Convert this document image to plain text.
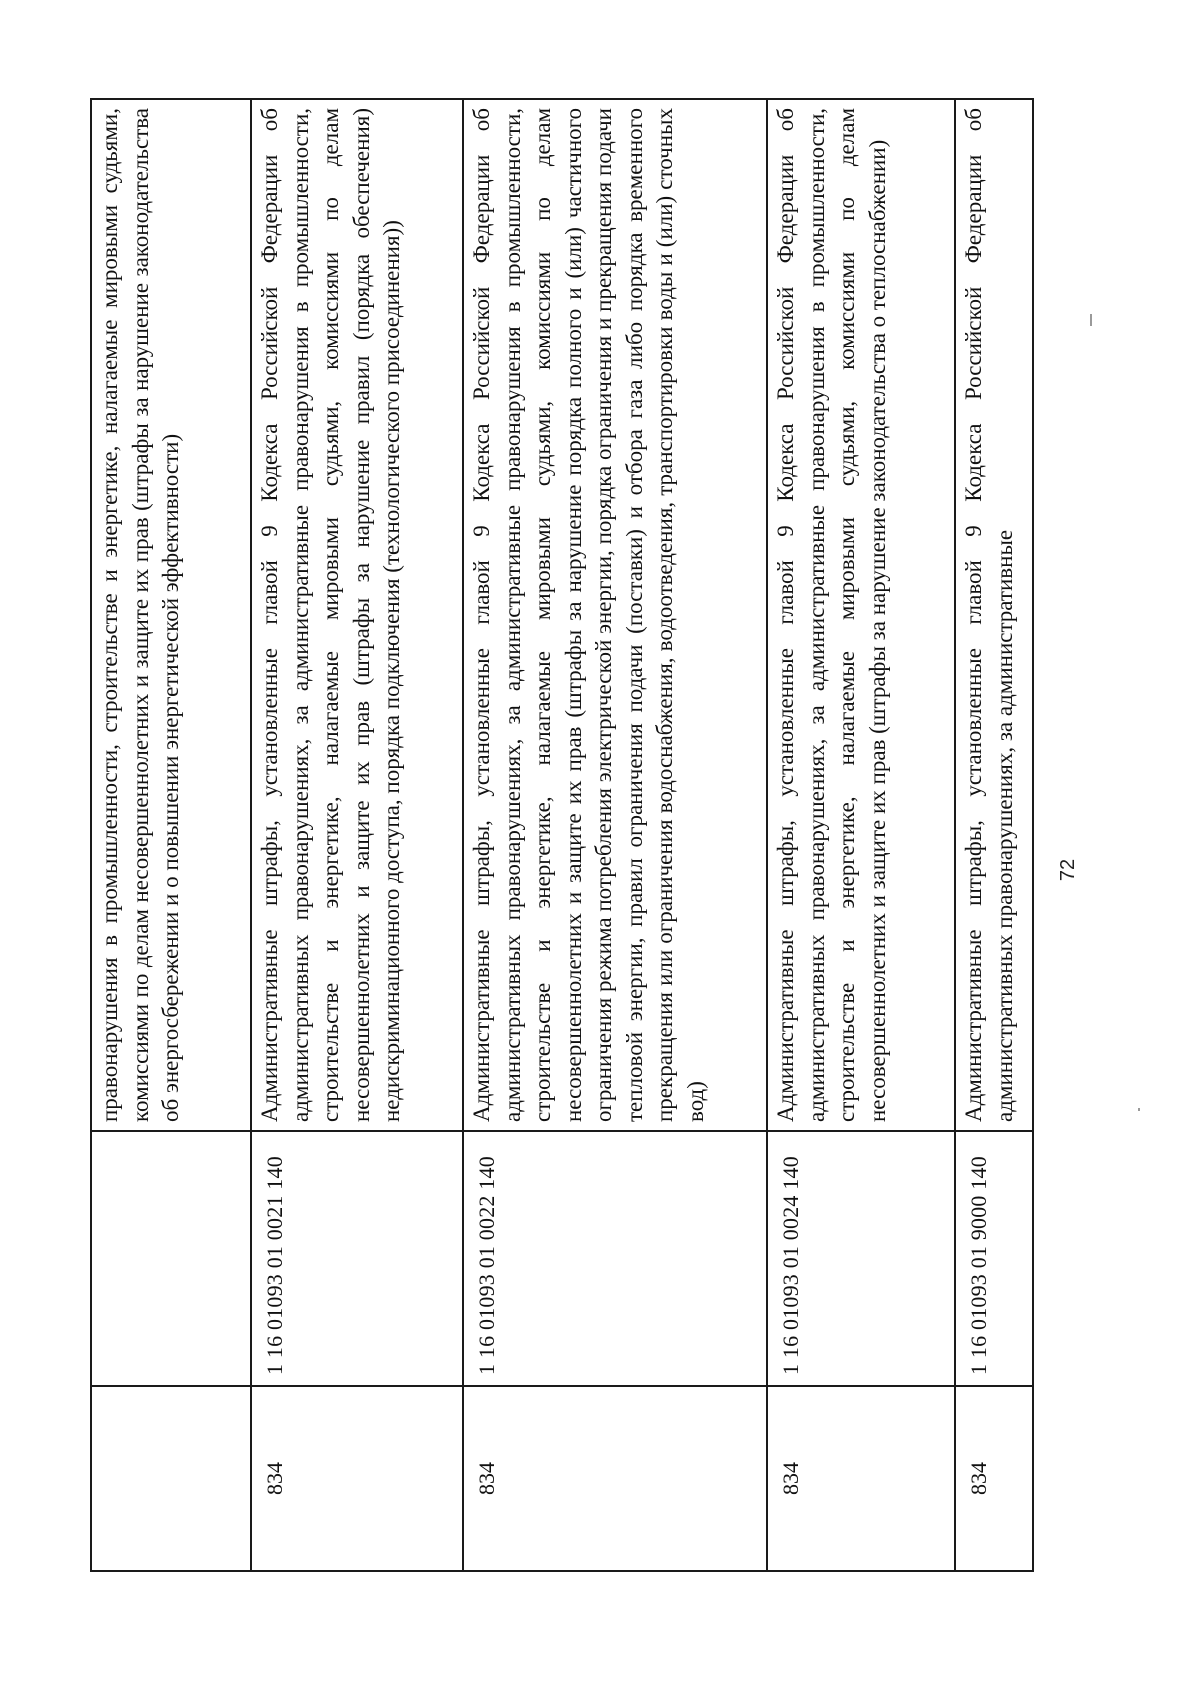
		правонарушения в промышленности, строительстве и энергетике, налагаемые мировыми судьями, комиссиями по делам несовершеннолетних и защите их прав (штрафы за нарушение законодательства об энергосбережении и о повышении энергетической эффективности)
834	1 16 01093 01 0021 140	Административные штрафы, установленные главой 9 Кодекса Российской Федерации об административных правонарушениях, за административные правонарушения в промышленности, строительстве и энергетике, налагаемые мировыми судьями, комиссиями по делам несовершеннолетних и защите их прав (штрафы за нарушение правил (порядка обеспечения) недискриминационного доступа, порядка подключения (технологического присоединения))
834	1 16 01093 01 0022 140	Административные штрафы, установленные главой 9 Кодекса Российской Федерации об административных правонарушениях, за административные правонарушения в промышленности, строительстве и энергетике, налагаемые мировыми судьями, комиссиями по делам несовершеннолетних и защите их прав (штрафы за нарушение порядка полного и (или) частичного ограничения режима потребления электрической энергии, порядка ограничения и прекращения подачи тепловой энергии, правил ограничения подачи (поставки) и отбора газа либо порядка временного прекращения или ограничения водоснабжения, водоотведения, транспортировки воды и (или) сточных вод)
834	1 16 01093 01 0024 140	Административные штрафы, установленные главой 9 Кодекса Российской Федерации об административных правонарушениях, за административные правонарушения в промышленности, строительстве и энергетике, налагаемые мировыми судьями, комиссиями по делам несовершеннолетних и защите их прав (штрафы за нарушение законодательства о теплоснабжении)
834	1 16 01093 01 9000 140	Административные штрафы, установленные главой 9 Кодекса Российской Федерации об административных правонарушениях, за административные	72
